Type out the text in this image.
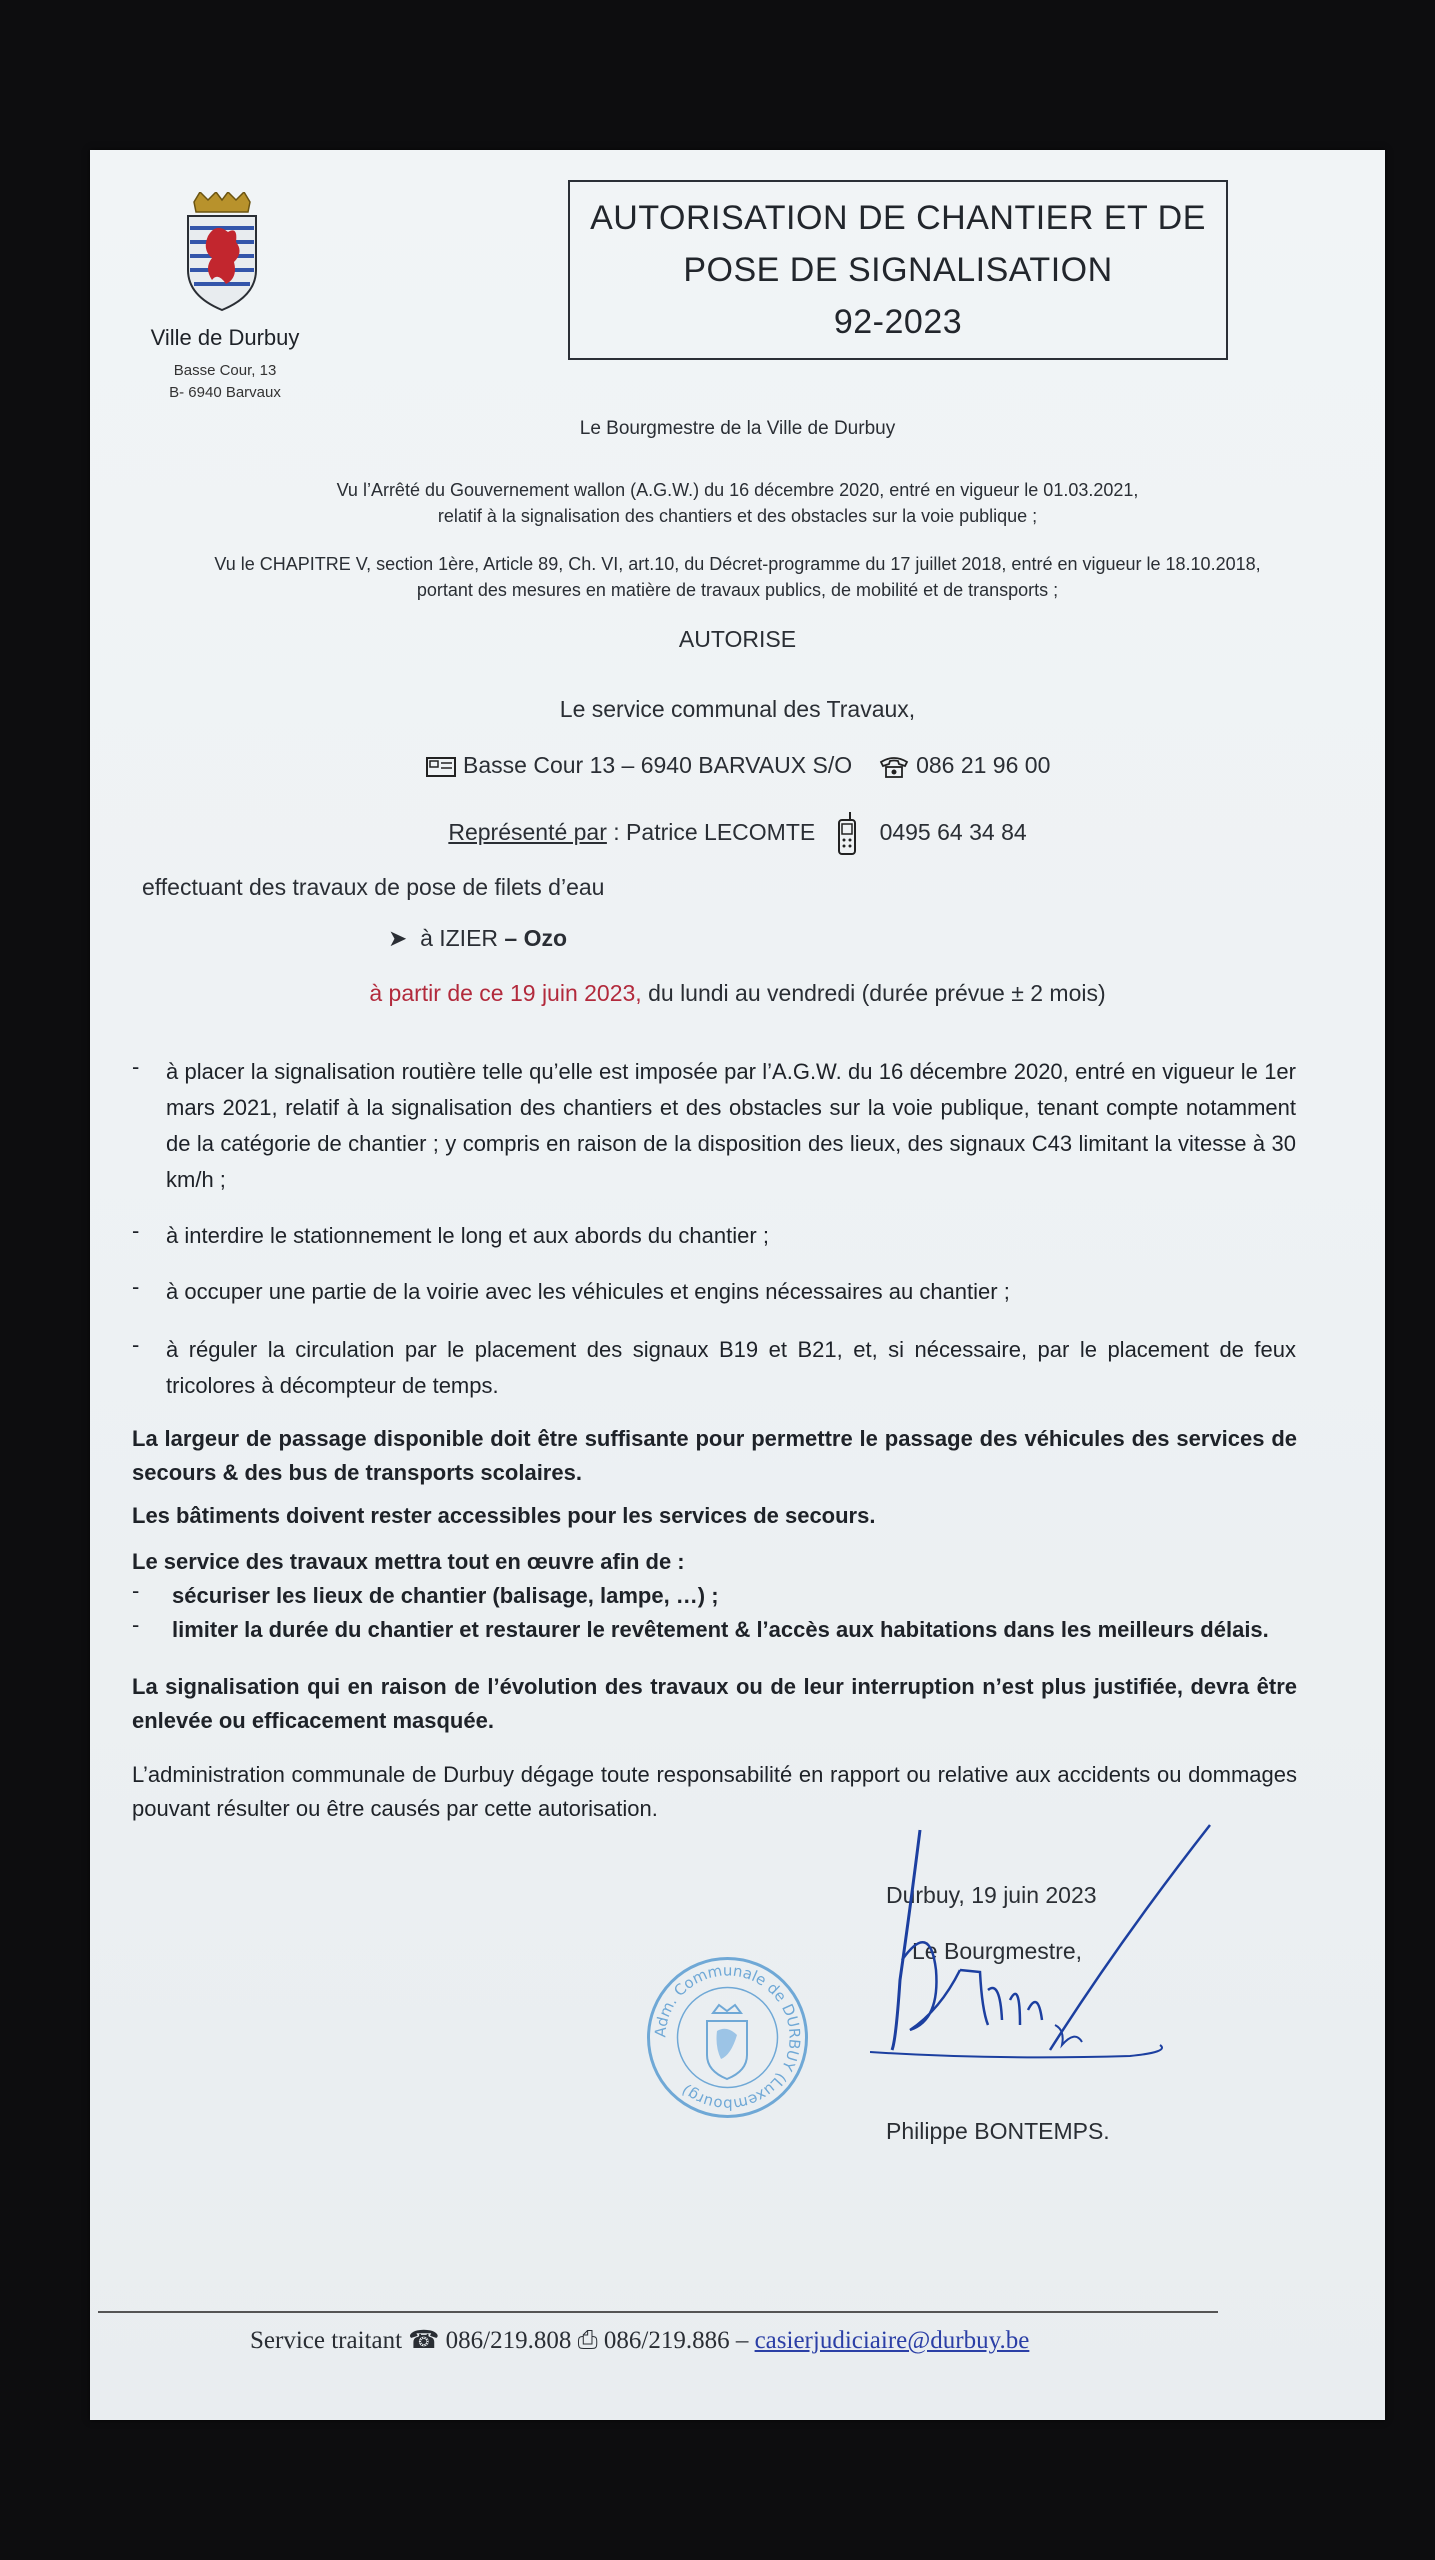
Ville de Durbuy
Basse Cour, 13
B- 6940 Barvaux
AUTORISATION DE CHANTIER ET DE
POSE DE SIGNALISATION
92-2023
Le Bourgmestre de la Ville de Durbuy
Vu l’Arrêté du Gouvernement wallon (A.G.W.) du 16 décembre 2020, entré en vigueur le 01.03.2021,
relatif à la signalisation des chantiers et des obstacles sur la voie publique ;
Vu le CHAPITRE V, section 1ère, Article 89, Ch. VI, art.10, du Décret-programme du 17 juillet 2018, entré en vigueur le 18.10.2018,
portant des mesures en matière de travaux publics, de mobilité et de transports ;
AUTORISE
Le service communal des Travaux,
Basse Cour 13 – 6940 BARVAUX S/O	086 21 96 00
Représenté par : Patrice LECOMTE	0495 64 34 84
effectuant des travaux de pose de filets d’eau
➤ à IZIER – Ozo
à partir de ce 19 juin 2023, du lundi au vendredi (durée prévue ± 2 mois)
- à placer la signalisation routière telle qu’elle est imposée par l’A.G.W. du 16 décembre 2020, entré en vigueur le 1er mars 2021, relatif à la signalisation des chantiers et des obstacles sur la voie publique, tenant compte notamment de la catégorie de chantier ; y compris en raison de la disposition des lieux, des signaux C43 limitant la vitesse à 30 km/h ;
- à interdire le stationnement le long et aux abords du chantier ;
- à occuper une partie de la voirie avec les véhicules et engins nécessaires au chantier ;
- à réguler la circulation par le placement des signaux B19 et B21, et, si nécessaire, par le placement de feux tricolores à décompteur de temps.
La largeur de passage disponible doit être suffisante pour permettre le passage des véhicules des services de secours & des bus de transports scolaires.
Les bâtiments doivent rester accessibles pour les services de secours.
Le service des travaux mettra tout en œuvre afin de :
- sécuriser les lieux de chantier (balisage, lampe, …) ;
- limiter la durée du chantier et restaurer le revêtement & l’accès aux habitations dans les meilleurs délais.
La signalisation qui en raison de l’évolution des travaux ou de leur interruption n’est plus justifiée, devra être enlevée ou efficacement masquée.
L’administration communale de Durbuy dégage toute responsabilité en rapport ou relative aux accidents ou dommages pouvant résulter ou être causés par cette autorisation.
Durbuy, 19 juin 2023
Le Bourgmestre,
Philippe BONTEMPS.
Adm. Communale de DURBUY (Luxembourg)
Service traitant ☎ 086/219.808 ⎙ 086/219.886 – casierjudiciaire@durbuy.be
